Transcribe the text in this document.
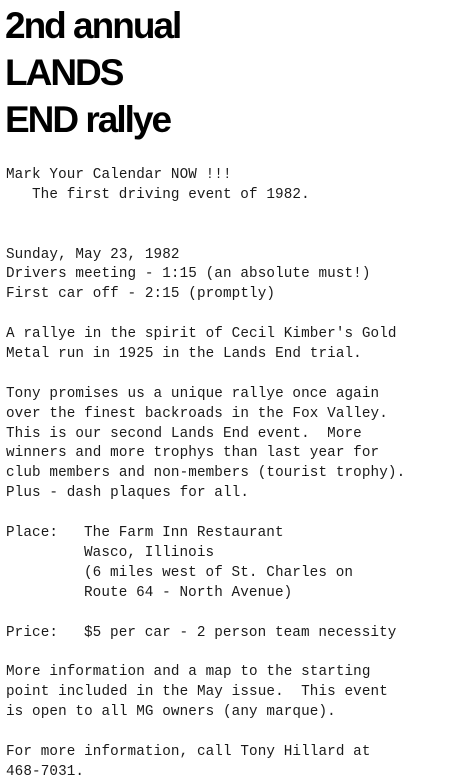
2nd annual
LANDS
END rallye
Mark Your Calendar NOW !!!
The first driving event of 1982.
Sunday, May 23, 1982
Drivers meeting - 1:15 (an absolute must!)
First car off - 2:15 (promptly)
A rallye in the spirit of Cecil Kimber's Gold
Metal run in 1925 in the Lands End trial.
Tony promises us a unique rallye once again
over the finest backroads in the Fox Valley.
This is our second Lands End event.  More
winners and more trophys than last year for
club members and non-members (tourist trophy).
Plus - dash plaques for all.
Place: The Farm Inn Restaurant
Wasco, Illinois
(6 miles west of St. Charles on
Route 64 - North Avenue)
Price: $5 per car - 2 person team necessity
More information and a map to the starting
point included in the May issue.  This event
is open to all MG owners (any marque).
For more information, call Tony Hillard at
468-7031.
